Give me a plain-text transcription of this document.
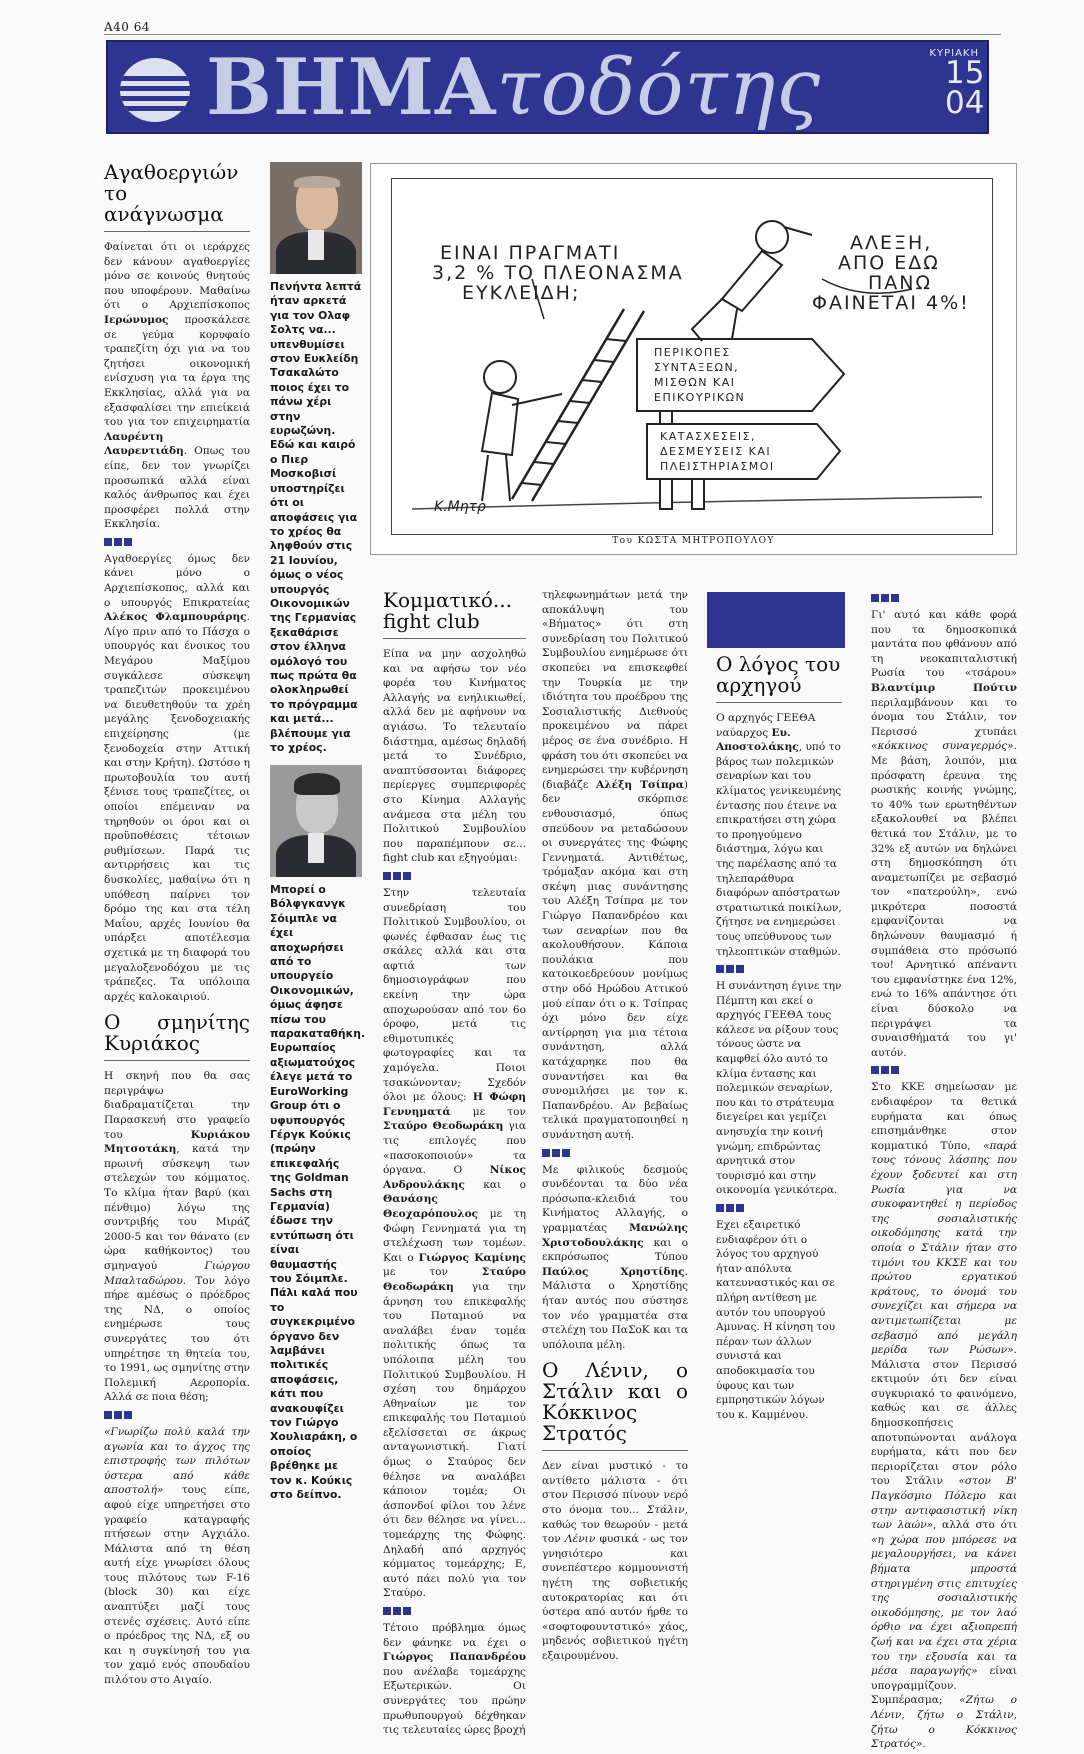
A40 64
ΒΗΜΑτοδότης	ΚΥΡΙΑΚΗ
15
04
Αγαθοεργιών το ανάγνωσμα

Φαίνεται ότι οι ιεράρχες δεν κάνουν αγαθοεργίες μόνο σε κοινούς θνητούς που υποφέρουν. Μαθαίνω ότι ο Αρχιεπίσκοπος Ιερώνυμος προσκάλεσε σε γεύμα κορυφαίο τραπεζίτη όχι για να του ζητήσει οικονομική ενίσχυση για τα έργα της Εκκλησίας, αλλά για να εξασφαλίσει την επιείκειά του για τον επιχειρηματία Λαυρέντη Λαυρεντιάδη. Οπως του είπε, δεν τον γνωρίζει προσωπικά αλλά είναι καλός άνθρωπος και έχει προσφέρει πολλά στην Εκκλησία.

Αγαθοεργίες όμως δεν κάνει μόνο ο Αρχιεπίσκοπος, αλλά και ο υπουργός Επικρατείας Αλέκος Φλαμπουράρης. Λίγο πριν από το Πάσχα ο υπουργός και ένοικος του Μεγάρου Μαξίμου συγκάλεσε σύσκεψη τραπεζιτών προκειμένου να διευθετηθούν τα χρέη μεγάλης ξενοδοχειακής επιχείρησης (με ξενοδοχεία στην Αττική και στην Κρήτη). Ωστόσο η πρωτοβουλία του αυτή ξένισε τους τραπεζίτες, οι οποίοι επέμειναν να τηρηθούν οι όροι και οι προϋποθέσεις τέτοιων ρυθμίσεων. Παρά τις αντιρρήσεις και τις δυσκολίες, μαθαίνω ότι η υπόθεση παίρνει τον δρόμο της και στα τέλη Μαΐου, αρχές Ιουνίου θα υπάρξει αποτέλεσμα σχετικά με τη διαφορά του μεγαλοξενοδόχου με τις τράπεζες. Τα υπόλοιπα αρχές καλοκαιριού.

Ο σμηνίτης Κυριάκος

Η σκηνή που θα σας περιγράψω διαδραματίζεται την Παρασκευή στο γραφείο του Κυριάκου Μητσοτάκη, κατά την πρωινή σύσκεψη των στελεχών του κόμματος. Το κλίμα ήταν βαρύ (και πένθιμο) λόγω της συντριβής του Μιράζ 2000-5 και τον θάνατο (εν ώρα καθήκοντος) του σμηναγού Γιώργου Μπαλταδώρου. Τον λόγο πήρε αμέσως ο πρόεδρος της ΝΔ, ο οποίος ενημέρωσε τους συνεργάτες του ότι υπηρέτησε τη θητεία του, το 1991, ως σμηνίτης στην Πολεμική Αεροπορία. Αλλά σε ποια θέση;

«Γνωρίζω πολύ καλά την αγωνία και το άγχος της επιστροφής των πιλότων ύστερα από κάθε αποστολή» τους είπε, αφού είχε υπηρετήσει στο γραφείο καταγραφής πτήσεων στην Αγχιάλο. Μάλιστα από τη θέση αυτή είχε γνωρίσει όλους τους πιλότους των F-16 (block 30) και είχε αναπτύξει μαζί τους στενές σχέσεις. Αυτό είπε ο πρόεδρος της ΝΔ, εξ ου και η συγκίνησή του για τον χαμό ενός σπουδαίου πιλότου στο Αιγαίο.

Πενήντα λεπτά ήταν αρκετά για τον Ολαφ Σολτς να... υπενθυμίσει στον Ευκλείδη Τσακαλώτο ποιος έχει το πάνω χέρι στην ευρωζώνη. Εδώ και καιρό ο Πιερ Μοσκοβισί υποστηρίζει ότι οι αποφάσεις για το χρέος θα ληφθούν στις 21 Ιουνίου, όμως ο νέος υπουργός Οικονομικών της Γερμανίας ξεκαθάρισε στον έλληνα ομόλογό του πως πρώτα θα ολοκληρωθεί το πρόγραμμα και μετά... βλέπουμε για το χρέος.
Μπορεί ο Βόλφγκανγκ Σόιμπλε να έχει αποχωρήσει από το υπουργείο Οικονομικών, όμως άφησε πίσω του παρακαταθήκη. Ευρωπαίος αξιωματούχος έλεγε μετά το EuroWorking Group ότι ο υφυπουργός Γέργκ Κούκις (πρώην επικεφαλής της Goldman Sachs στη Γερμανία) έδωσε την εντύπωση ότι είναι θαυμαστής του Σόιμπλε. Πάλι καλά που το συγκεκριμένο όργανο δεν λαμβάνει πολιτικές αποφάσεις, κάτι που ανακουφίζει τον Γιώργο Χουλιαράκη, ο οποίος βρέθηκε με τον κ. Κούκις στο δείπνο.
ΕΙΝΑΙ ΠΡΑΓΜΑΤΙ
3,2 % ΤΟ ΠΛΕΟΝΑΣΜΑ
ΕΥΚΛΕΙΔΗ;
ΑΛΕΞΗ,
ΑΠΟ ΕΔΩ
ΠΑΝΩ
ΦΑΙΝΕΤΑΙ 4%!
ΠΕΡΙΚΟΠΕΣ
ΣΥΝΤΑΞΕΩΝ,
ΜΙΣΘΩΝ ΚΑΙ
ΕΠΙΚΟΥΡΙΚΩΝ
ΚΑΤΑΣΧΕΣΕΙΣ,
ΔΕΣΜΕΥΣΕΙΣ ΚΑΙ
ΠΛΕΙΣΤΗΡΙΑΣΜΟΙ
Κ.Μητρ
Του ΚΩΣΤΑ ΜΗΤΡΟΠΟΥΛΟΥ
Κομματικό... fight club

Είπα να μην ασχοληθώ και να αφήσω τον νέο φορέα του Κινήματος Αλλαγής να ενηλικιωθεί, αλλά δεν με αφήνουν να αγιάσω. Το τελευταίο διάστημα, αμέσως δηλαδή μετά το Συνέδριο, αναπτύσσονται διάφορες περίεργες συμπεριφορές στο Κίνημα Αλλαγής ανάμεσα στα μέλη του Πολιτικού Συμβουλίου που παραπέμπουν σε... fight club και εξηγούμαι:

Στην τελευταία συνεδρίαση του Πολιτικού Συμβουλίου, οι φωνές έφθασαν έως τις σκάλες αλλά και στα αφτιά των δημοσιογράφων που εκείνη την ώρα αποχωρούσαν από τον 6ο όροφο, μετά τις εθιμοτυπικές φωτογραφίες και τα χαμόγελα. Ποιοι τσακώνονταν; Σχεδόν όλοι με όλους: Η Φώφη Γεννηματά με τον Σταύρο Θεοδωράκη για τις επιλογές που «πασοκοποιούν» τα όργανα. Ο Νίκος Ανδρουλάκης και ο Θανάσης Θεοχαρόπουλος με τη Φώφη Γεννηματά για τη στελέχωση των τομέων. Και ο Γιώργος Καμίνης με τον Σταύρο Θεοδωράκη για την άρνηση του επικεφαλής του Ποταμιού να αναλάβει έναν τομέα πολιτικής όπως τα υπόλοιπα μέλη του Πολιτικού Συμβουλίου. Η σχέση του δημάρχου Αθηναίων με τον επικεφαλής του Ποταμιού εξελίσσεται σε άκρως ανταγωνιστική. Γιατί όμως ο Σταύρος δεν θέλησε να αναλάβει κάποιον τομέα; Οι άσπονδοί φίλοι του λένε ότι δεν θέλησε να γίνει... τομεάρχης της Φώφης. Δηλαδή από αρχηγός κόμματος τομεάρχης; Ε, αυτό πάει πολύ για τον Σταύρο.

Τέτοιο πρόβλημα όμως δεν φάνηκε να έχει ο Γιώργος Παπανδρέου που ανέλαβε τομεάρχης Εξωτερικών. Οι συνεργάτες του πρώην πρωθυπουργού δέχθηκαν τις τελευταίες ώρες βροχή

τηλεφωνημάτων μετά την αποκάλυψη του «Βήματος» ότι στη συνεδρίαση του Πολιτικού Συμβουλίου ενημέρωσε ότι σκοπεύει να επισκεφθεί την Τουρκία με την ιδιότητα του προέδρου της Σοσιαλιστικής Διεθνούς προκειμένου να πάρει μέρος σε ένα συνέδριο. Η φράση του ότι σκοπεύει να ενημερώσει την κυβέρνηση (διαβάζε Αλέξη Τσίπρα) δεν σκόρπισε ενθουσιασμό, όπως σπεύδουν να μεταδώσουν οι συνεργάτες της Φώφης Γεννηματά. Αντιθέτως, τρόμαξαν ακόμα και στη σκέψη μιας συνάντησης του Αλέξη Τσίπρα με τον Γιώργο Παπανδρέου και των σεναρίων που θα ακολουθήσουν. Κάποια πουλάκια που κατοικοεδρεύουν μονίμως στην οδό Ηρώδου Αττικού μού είπαν ότι ο κ. Τσίπρας όχι μόνο δεν είχε αντίρρηση για μια τέτοια συνάντηση, αλλά κατάχαρηκε που θα συναντήσει και θα συνομιλήσει με τον κ. Παπανδρέου. Αν βεβαίως τελικά πραγματοποιηθεί η συνάντηση αυτή.

Με φιλικούς δεσμούς συνδέονται τα δύο νέα πρόσωπα-κλειδιά του Κινήματος Αλλαγής, ο γραμματέας Μανώλης Χριστοδουλάκης και ο εκπρόσωπος Τύπου Παύλος Χρηστίδης. Μάλιστα ο Χρηστίδης ήταν αυτός που σύστησε τον νέο γραμματέα στα στελέχη του ΠαΣοΚ και τα υπόλοιπα μέλη.

Ο Λένιν, ο Στάλιν και ο Κόκκινος Στρατός

Δεν είναι μυστικό - το αντίθετο μάλιστα - ότι στον Περισσό πίνουν νερό στο όνομα του... Στάλιν, καθώς τον θεωρούν - μετά τον Λένιν φυσικά - ως τον γνησιότερο και συνεπέστερο κομμουνιστή ηγέτη της σοβιετικής αυτοκρατορίας και ότι ύστερα από αυτόν ήρθε το «σοφτοφουντστικό» χάος, μηδενός σοβιετικού ηγέτη εξαιρουμένου.

Ο λόγος του αρχηγού

Ο αρχηγός ΓΕΕΘΑ ναύαρχος Ευ. Αποστολάκης, υπό το βάρος των πολεμικών σεναρίων και του κλίματος γενικευμένης έντασης που έτεινε να επικρατήσει στη χώρα το προηγούμενο διάστημα, λόγω και της παρέλασης από τα τηλεπαράθυρα διαφόρων απόστρατων στρατιωτικά ποικίλων, ζήτησε να ενημερώσει τους υπεύθυνους των τηλεοπτικών σταθμών.

Η συνάντηση έγινε την Πέμπτη και εκεί ο αρχηγός ΓΕΕΘΑ τους κάλεσε να ρίξουν τους τόνους ώστε να καμφθεί όλο αυτό το κλίμα έντασης και πολεμικών σεναρίων, που και το στράτευμα διεγείρει και γεμίζει ανησυχία την κοινή γνώμη, επιδρώντας αρνητικά στον τουρισμό και στην οικονομία γενικότερα.

Εχει εξαιρετικό ενδιαφέρον ότι ο λόγος του αρχηγού ήταν απόλυτα κατευναστικός και σε πλήρη αντίθεση με αυτόν του υπουργού Αμυνας. Η κίνηση του πέραν των άλλων συνιστά και αποδοκιμασία του ύφους και των εμπρηστικών λόγων του κ. Καμμένου.

Γι' αυτό και κάθε φορά που τα δημοσκοπικά μαντάτα που φθάνουν από τη νεοκαπιταλιστική Ρωσία του «τσάρου» Βλαντίμιρ Πούτιν περιλαμβάνουν και το όνομα του Στάλιν, τον Περισσό χτυπάει «κόκκινος συναγερμός». Με βάση, λοιπόν, μια πρόσφατη έρευνα της ρωσικής κοινής γνώμης, το 40% των ερωτηθέντων εξακολουθεί να βλέπει θετικά τον Στάλιν, με το 32% εξ αυτών να δηλώνει στη δημοσκόπηση ότι αναμετωπίζει με σεβασμό τον «πατερούλη», ενώ μικρότερα ποσοστά εμφανίζονται να δηλώνουν θαυμασμό ή συμπάθεια στο πρόσωπό του! Αρνητικό απέναντι του εμφανίστηκε ένα 12%, ενώ το 16% απάντησε ότι είναι δύσκολο να περιγράψει τα συναισθήματά του γι' αυτόν.

Στο ΚΚΕ σημείωσαν με ενδιαφέρον τα θετικά ευρήματα και όπως επισημάνθηκε στον κομματικό Τύπο, «παρά τους τόνους λάσπης που έχουν ξοδευτεί και στη Ρωσία για να συκοφαντηθεί η περίοδος της σοσιαλιστικής οικοδόμησης κατά την οποία ο Στάλιν ήταν στο τιμόνι του ΚΚΣΕ και του πρώτου εργατικού κράτους, το όνομά του συνεχίζει και σήμερα να αντιμετωπίζεται με σεβασμό από μεγάλη μερίδα των Ρώσων». Μάλιστα στον Περισσό εκτιμούν ότι δεν είναι συγκυριακό το φαινόμενο, καθώς και σε άλλες δημοσκοπήσεις αποτυπώνονται ανάλογα ευρήματα, κάτι που δεν περιορίζεται στον ρόλο του Στάλιν «στον Β' Παγκόσμιο Πόλεμο και στην αντιφασιστική νίκη των λαών», αλλά στο ότι «η χώρα που μπόρεσε να μεγαλουργήσει, να κάνει βήματα μπροστά στηριγμένη στις επιτυχίες της σοσιαλιστικής οικοδόμησης, με τον λαό όρθιο να έχει αξιοπρεπή ζωή και να έχει στα χέρια του την εξουσία και τα μέσα παραγωγής» είναι υπογραμμίζουν. Συμπέρασμα; «Ζήτω ο Λένιν, ζήτω ο Στάλιν, ζήτω ο Κόκκινος Στρατός».
